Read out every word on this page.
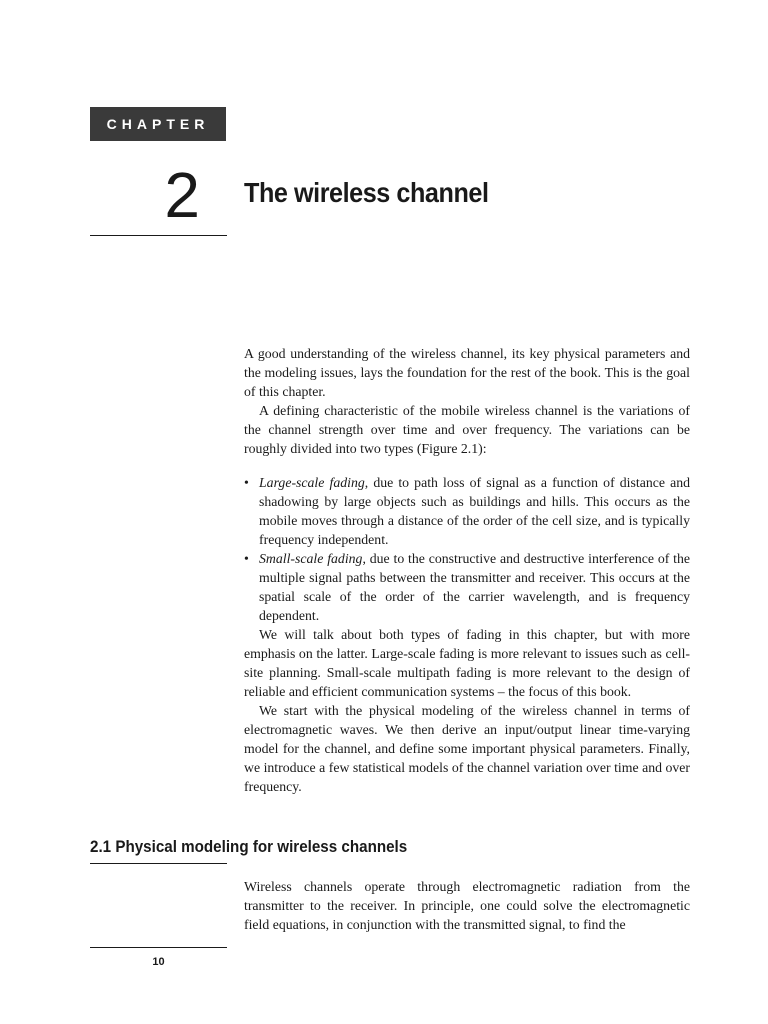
CHAPTER
2 The wireless channel

A good understanding of the wireless channel, its key physical parameters and the modeling issues, lays the foundation for the rest of the book. This is the goal of this chapter.

A defining characteristic of the mobile wireless channel is the variations of the channel strength over time and over frequency. The variations can be roughly divided into two types (Figure 2.1):

• Large-scale fading, due to path loss of signal as a function of distance and shadowing by large objects such as buildings and hills. This occurs as the mobile moves through a distance of the order of the cell size, and is typically frequency independent.
• Small-scale fading, due to the constructive and destructive interference of the multiple signal paths between the transmitter and receiver. This occurs at the spatial scale of the order of the carrier wavelength, and is frequency dependent.

We will talk about both types of fading in this chapter, but with more emphasis on the latter. Large-scale fading is more relevant to issues such as cell-site planning. Small-scale multipath fading is more relevant to the design of reliable and efficient communication systems – the focus of this book.

We start with the physical modeling of the wireless channel in terms of electromagnetic waves. We then derive an input/output linear time-varying model for the channel, and define some important physical parameters. Finally, we introduce a few statistical models of the channel variation over time and over frequency.

2.1 Physical modeling for wireless channels

Wireless channels operate through electromagnetic radiation from the transmitter to the receiver. In principle, one could solve the electromagnetic field equations, in conjunction with the transmitted signal, to find the

10
